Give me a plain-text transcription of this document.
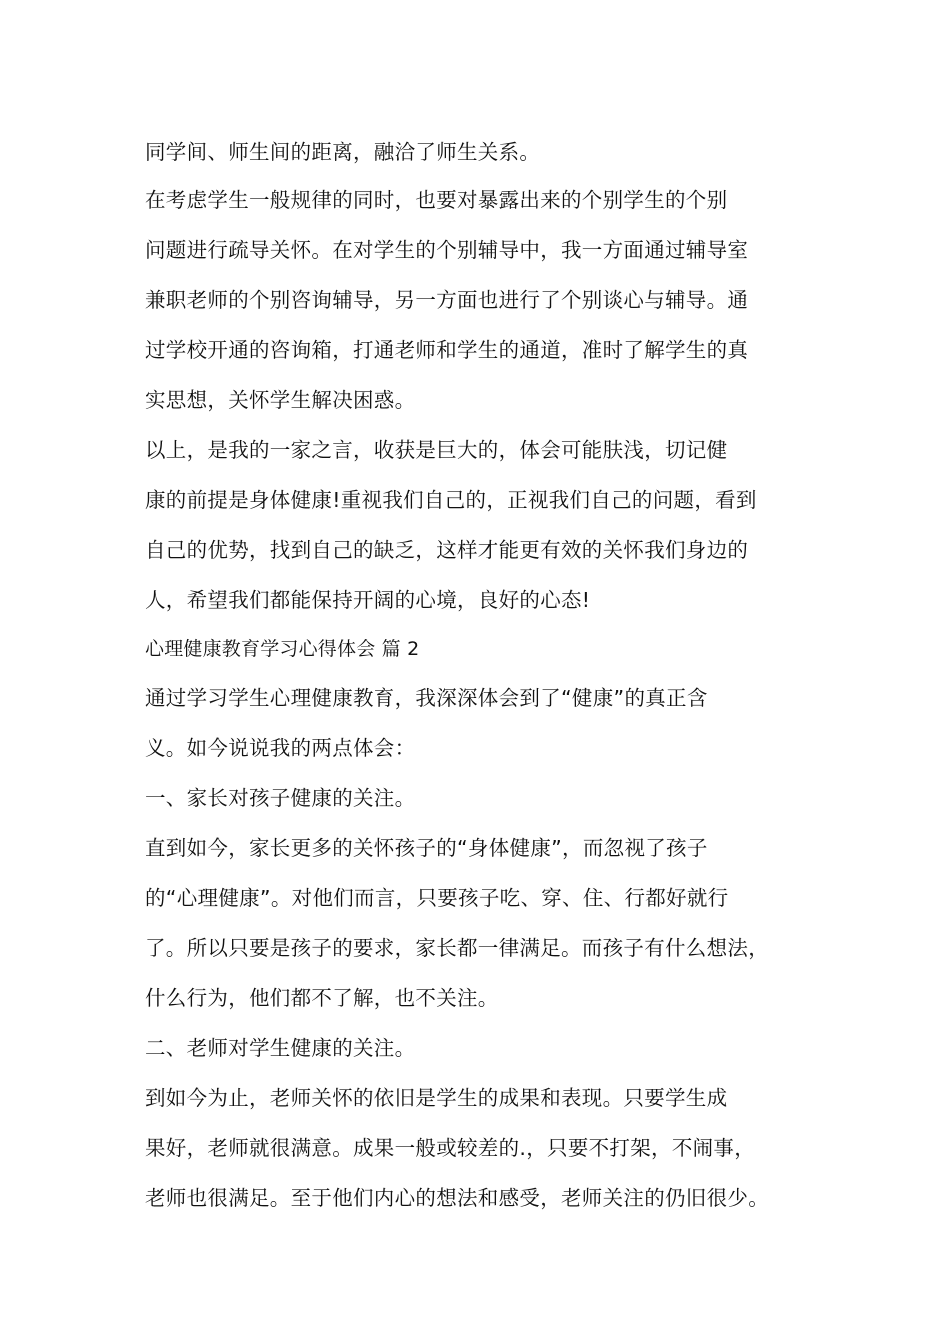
同学间、师生间的距离，融洽了师生关系。
在考虑学生一般规律的同时，也要对暴露出来的个别学生的个别
问题进行疏导关怀。在对学生的个别辅导中，我一方面通过辅导室
兼职老师的个别咨询辅导，另一方面也进行了个别谈心与辅导。通
过学校开通的咨询箱，打通老师和学生的通道，准时了解学生的真
实思想，关怀学生解决困惑。
以上，是我的一家之言，收获是巨大的，体会可能肤浅，切记健
康的前提是身体健康!重视我们自己的，正视我们自己的问题，看到
自己的优势，找到自己的缺乏，这样才能更有效的关怀我们身边的
人，希望我们都能保持开阔的心境，良好的心态!
心理健康教育学习心得体会 篇 2
通过学习学生心理健康教育，我深深体会到了“健康”的真正含
义。如今说说我的两点体会：
一、家长对孩子健康的关注。
直到如今，家长更多的关怀孩子的“身体健康”，而忽视了孩子
的“心理健康”。对他们而言，只要孩子吃、穿、住、行都好就行
了。所以只要是孩子的要求，家长都一律满足。而孩子有什么想法，
什么行为，他们都不了解，也不关注。
二、老师对学生健康的关注。
到如今为止，老师关怀的依旧是学生的成果和表现。只要学生成
果好，老师就很满意。成果一般或较差的.，只要不打架，不闹事，
老师也很满足。至于他们内心的想法和感受，老师关注的仍旧很少。
